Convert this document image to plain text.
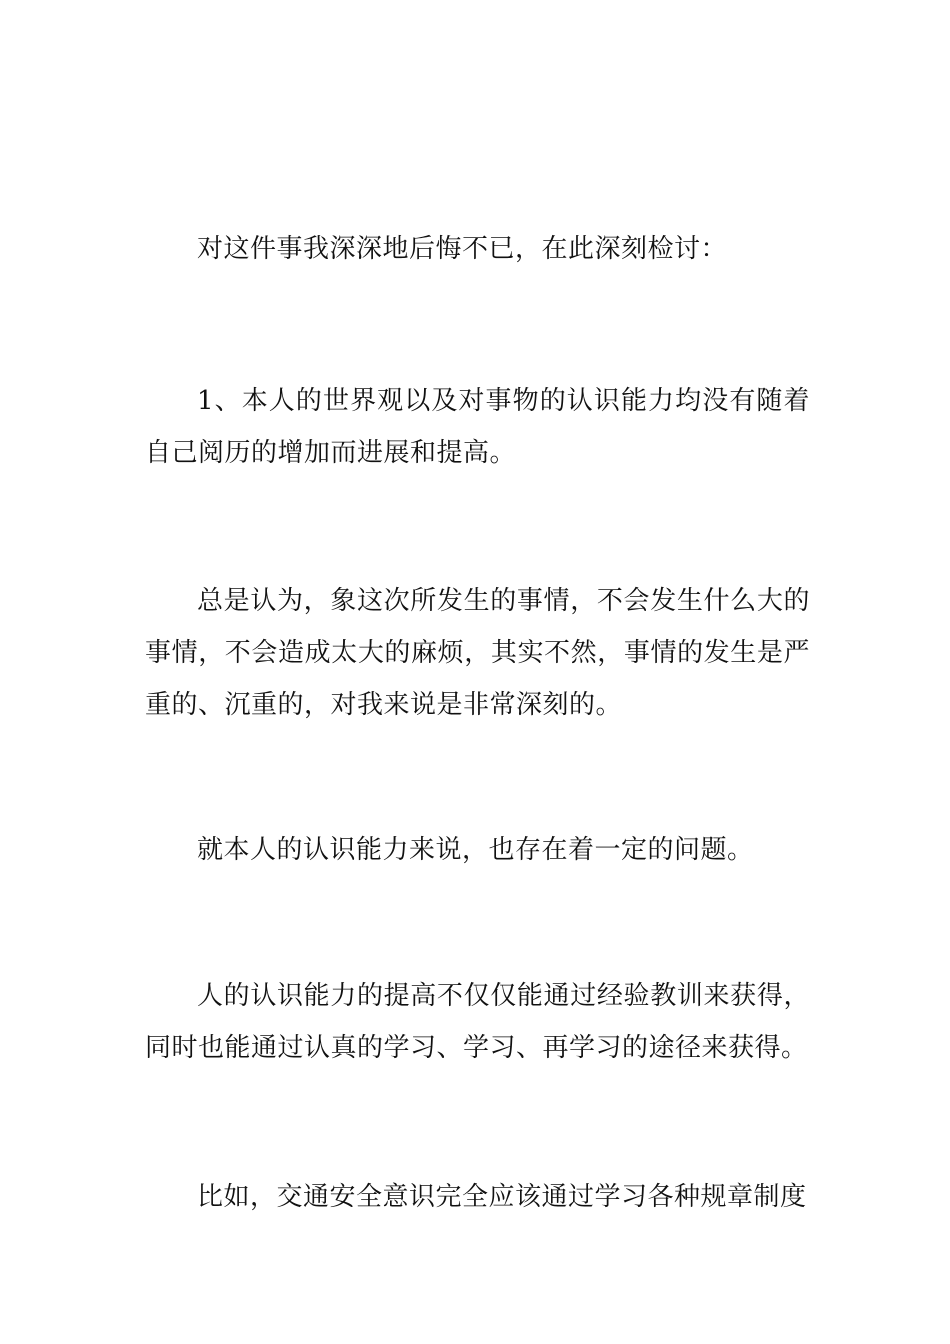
对这件事我深深地后悔不已，在此深刻检讨：

1、本人的世界观以及对事物的认识能力均没有随着自己阅历的增加而进展和提高。

总是认为，象这次所发生的事情，不会发生什么大的事情，不会造成太大的麻烦，其实不然，事情的发生是严重的、沉重的，对我来说是非常深刻的。

就本人的认识能力来说，也存在着一定的问题。

人的认识能力的提高不仅仅能通过经验教训来获得，同时也能通过认真的学习、学习、再学习的途径来获得。

比如，交通安全意识完全应该通过学习各种规章制度
